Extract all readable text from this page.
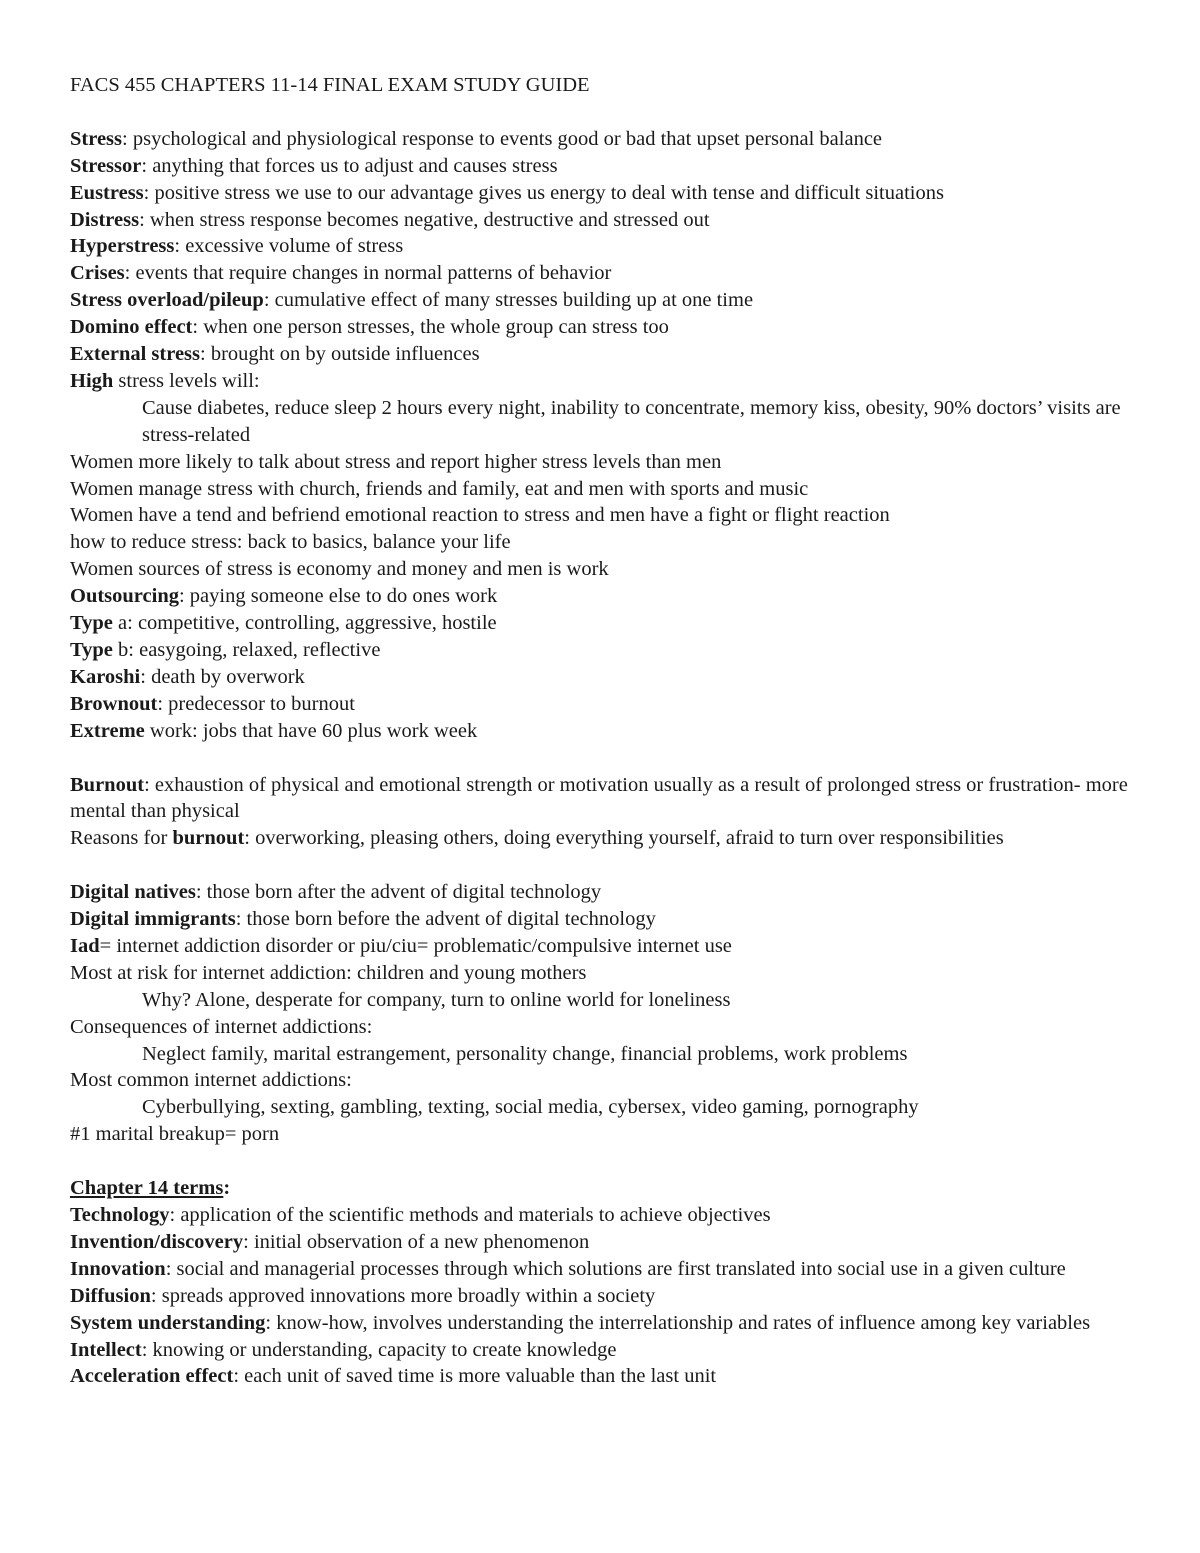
FACS 455 CHAPTERS 11-14 FINAL EXAM STUDY GUIDE

Stress: psychological and physiological response to events good or bad that upset personal balance

Stressor: anything that forces us to adjust and causes stress

Eustress: positive stress we use to our advantage gives us energy to deal with tense and difficult situations

Distress: when stress response becomes negative, destructive and stressed out

Hyperstress: excessive volume of stress

Crises: events that require changes in normal patterns of behavior

Stress overload/pileup: cumulative effect of many stresses building up at one time

Domino effect: when one person stresses, the whole group can stress too

External stress: brought on by outside influences

High stress levels will:

Cause diabetes, reduce sleep 2 hours every night, inability to concentrate, memory kiss, obesity, 90% doctors’ visits are stress-related

Women more likely to talk about stress and report higher stress levels than men

Women manage stress with church, friends and family, eat and men with sports and music

Women have a tend and befriend emotional reaction to stress and men have a fight or flight reaction

how to reduce stress: back to basics, balance your life

Women sources of stress is economy and money and men is work

Outsourcing: paying someone else to do ones work

Type a: competitive, controlling, aggressive, hostile

Type b: easygoing, relaxed, reflective

Karoshi: death by overwork

Brownout: predecessor to burnout

Extreme work: jobs that have 60 plus work week

Burnout: exhaustion of physical and emotional strength or motivation usually as a result of prolonged stress or frustration- more mental than physical

Reasons for burnout: overworking, pleasing others, doing everything yourself, afraid to turn over responsibilities

Digital natives: those born after the advent of digital technology

Digital immigrants: those born before the advent of digital technology

Iad= internet addiction disorder or piu/ciu= problematic/compulsive internet use

Most at risk for internet addiction: children and young mothers

Why? Alone, desperate for company, turn to online world for loneliness

Consequences of internet addictions:

Neglect family, marital estrangement, personality change, financial problems, work problems

Most common internet addictions:

Cyberbullying, sexting, gambling, texting, social media, cybersex, video gaming, pornography

#1 marital breakup= porn

Chapter 14 terms:

Technology: application of the scientific methods and materials to achieve objectives

Invention/discovery: initial observation of a new phenomenon

Innovation: social and managerial processes through which solutions are first translated into social use in a given culture

Diffusion: spreads approved innovations more broadly within a society

System understanding: know-how, involves understanding the interrelationship and rates of influence among key variables

Intellect: knowing or understanding, capacity to create knowledge

Acceleration effect: each unit of saved time is more valuable than the last unit
